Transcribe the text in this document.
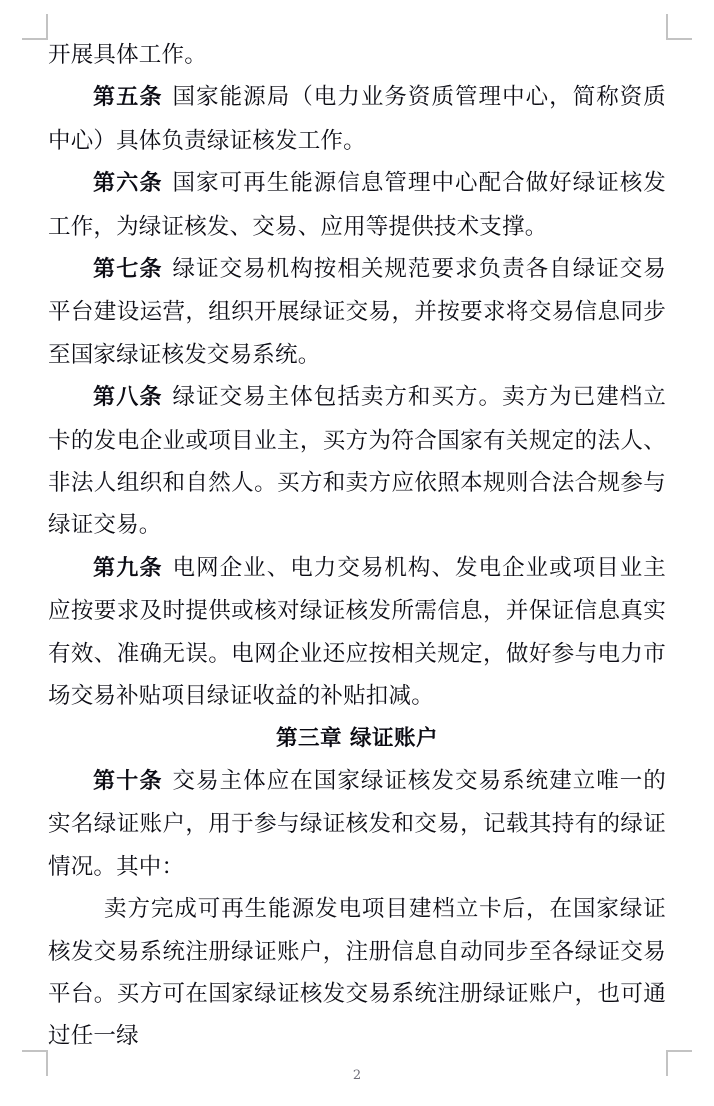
开展具体工作。

第五条 国家能源局（电力业务资质管理中心，简称资质中心）具体负责绿证核发工作。

第六条 国家可再生能源信息管理中心配合做好绿证核发工作，为绿证核发、交易、应用等提供技术支撑。

第七条 绿证交易机构按相关规范要求负责各自绿证交易平台建设运营，组织开展绿证交易，并按要求将交易信息同步至国家绿证核发交易系统。

第八条 绿证交易主体包括卖方和买方。卖方为已建档立卡的发电企业或项目业主，买方为符合国家有关规定的法人、非法人组织和自然人。买方和卖方应依照本规则合法合规参与绿证交易。

第九条 电网企业、电力交易机构、发电企业或项目业主应按要求及时提供或核对绿证核发所需信息，并保证信息真实有效、准确无误。电网企业还应按相关规定，做好参与电力市场交易补贴项目绿证收益的补贴扣减。

第三章 绿证账户

第十条 交易主体应在国家绿证核发交易系统建立唯一的实名绿证账户，用于参与绿证核发和交易，记载其持有的绿证情况。其中：

卖方完成可再生能源发电项目建档立卡后，在国家绿证核发交易系统注册绿证账户，注册信息自动同步至各绿证交易平台。买方可在国家绿证核发交易系统注册绿证账户，也可通过任一绿

2
